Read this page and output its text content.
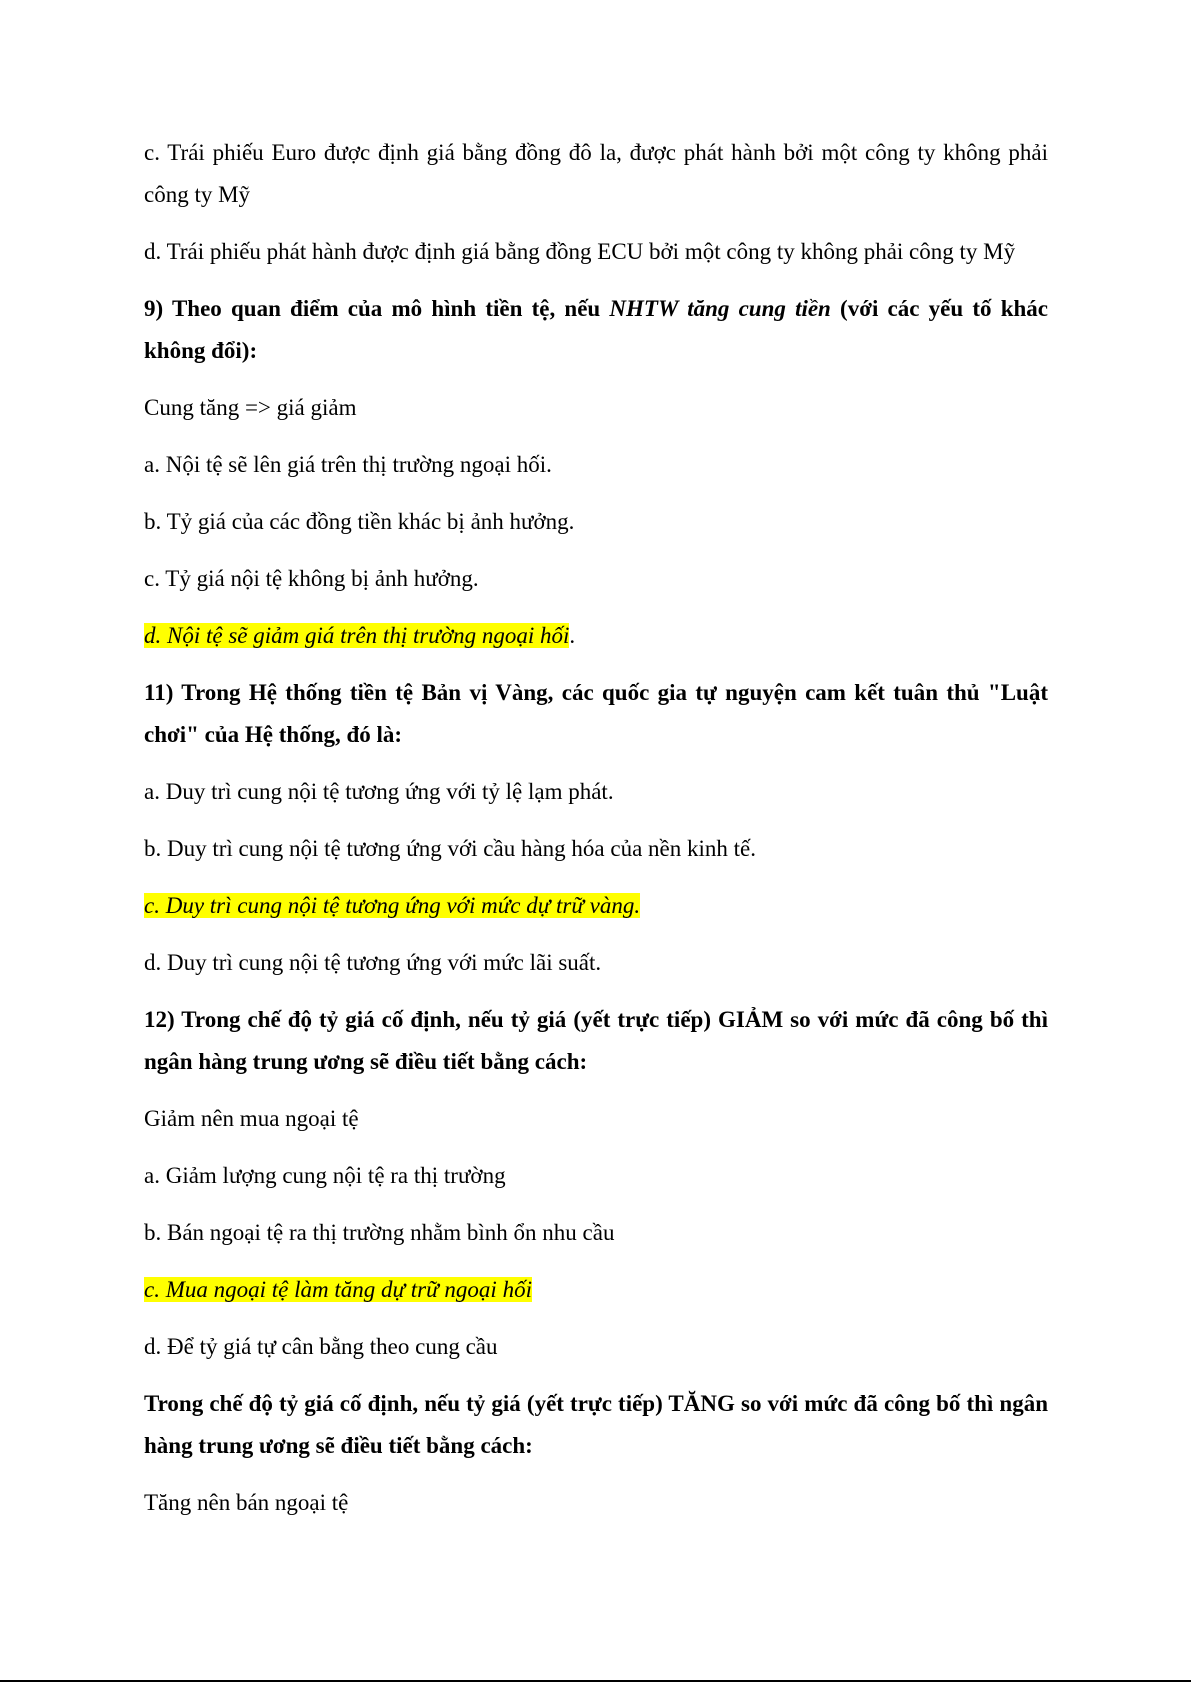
c. Trái phiếu Euro được định giá bằng đồng đô la, được phát hành bởi một công ty không phải công ty Mỹ

d. Trái phiếu phát hành được định giá bằng đồng ECU bởi một công ty không phải công ty Mỹ

9) Theo quan điểm của mô hình tiền tệ, nếu NHTW tăng cung tiền (với các yếu tố khác không đổi):

Cung tăng => giá giảm

a. Nội tệ sẽ lên giá trên thị trường ngoại hối.

b. Tỷ giá của các đồng tiền khác bị ảnh hưởng.

c. Tỷ giá nội tệ không bị ảnh hưởng.

d. Nội tệ sẽ giảm giá trên thị trường ngoại hối.

11) Trong Hệ thống tiền tệ Bản vị Vàng, các quốc gia tự nguyện cam kết tuân thủ "Luật chơi" của Hệ thống, đó là:

a. Duy trì cung nội tệ tương ứng với tỷ lệ lạm phát.

b. Duy trì cung nội tệ tương ứng với cầu hàng hóa của nền kinh tế.

c. Duy trì cung nội tệ tương ứng với mức dự trữ vàng.

d. Duy trì cung nội tệ tương ứng với mức lãi suất.

12) Trong chế độ tỷ giá cố định, nếu tỷ giá (yết trực tiếp) GIẢM so với mức đã công bố thì ngân hàng trung ương sẽ điều tiết bằng cách:

Giảm nên mua ngoại tệ

a. Giảm lượng cung nội tệ ra thị trường

b. Bán ngoại tệ ra thị trường nhằm bình ổn nhu cầu

c. Mua ngoại tệ làm tăng dự trữ ngoại hối

d. Để tỷ giá tự cân bằng theo cung cầu

Trong chế độ tỷ giá cố định, nếu tỷ giá (yết trực tiếp) TĂNG so với mức đã công bố thì ngân hàng trung ương sẽ điều tiết bằng cách:

Tăng nên bán ngoại tệ
